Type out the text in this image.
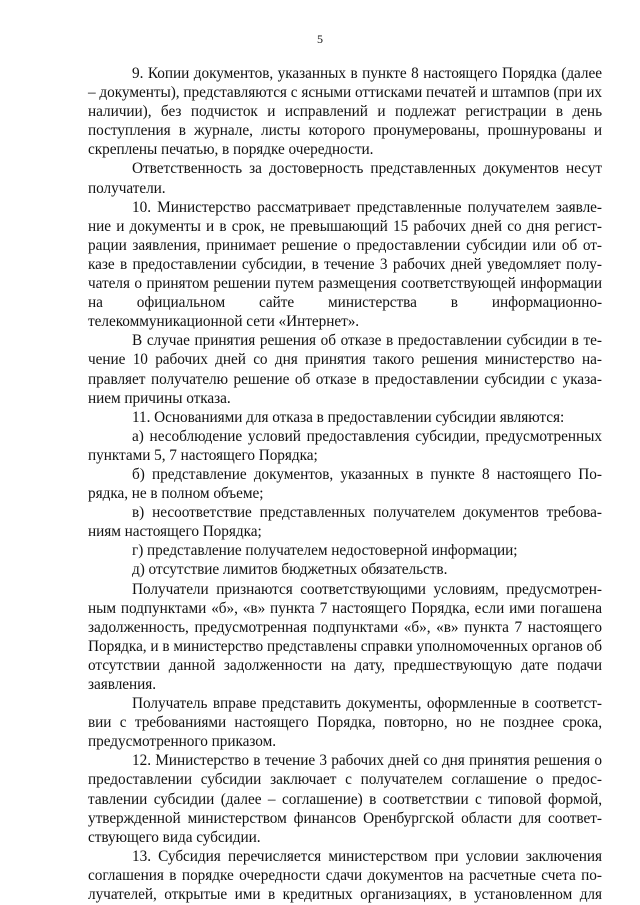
5

9. Копии документов, указанных в пункте 8 настоящего Порядка (далее – документы), представляются с ясными оттисками печатей и штампов (при их наличии), без подчисток и исправлений и подлежат регистрации в день поступления в журнале, листы которого пронумерованы, прошнурованы и скреплены печатью, в порядке очередности.

Ответственность за достоверность представленных документов несут получатели.

10. Министерство рассматривает представленные получателем заявление и документы и в срок, не превышающий 15 рабочих дней со дня регистрации заявления, принимает решение о предоставлении субсидии или об отказе в предоставлении субсидии, в течение 3 рабочих дней уведомляет получателя о принятом решении путем размещения соответствующей информации на официальном сайте министерства в информационно-телекоммуникационной сети «Интернет».

В случае принятия решения об отказе в предоставлении субсидии в течение 10 рабочих дней со дня принятия такого решения министерство направляет получателю решение об отказе в предоставлении субсидии с указанием причины отказа.

11. Основаниями для отказа в предоставлении субсидии являются:

а) несоблюдение условий предоставления субсидии, предусмотренных пунктами 5, 7 настоящего Порядка;

б) представление документов, указанных в пункте 8 настоящего Порядка, не в полном объеме;

в) несоответствие представленных получателем документов требованиям настоящего Порядка;

г) представление получателем недостоверной информации;

д) отсутствие лимитов бюджетных обязательств.

Получатели признаются соответствующими условиям, предусмотренным подпунктами «б», «в» пункта 7 настоящего Порядка, если ими погашена задолженность, предусмотренная подпунктами «б», «в» пункта 7 настоящего Порядка, и в министерство представлены справки уполномоченных органов об отсутствии данной задолженности на дату, предшествующую дате подачи заявления.

Получатель вправе представить документы, оформленные в соответствии с требованиями настоящего Порядка, повторно, но не позднее срока, предусмотренного приказом.

12. Министерство в течение 3 рабочих дней со дня принятия решения о предоставлении субсидии заключает с получателем соглашение о предоставлении субсидии (далее – соглашение) в соответствии с типовой формой, утвержденной министерством финансов Оренбургской области для соответствующего вида субсидии.

13. Субсидия перечисляется министерством при условии заключения соглашения в порядке очередности сдачи документов на расчетные счета получателей, открытые ими в кредитных организациях, в установленном для
